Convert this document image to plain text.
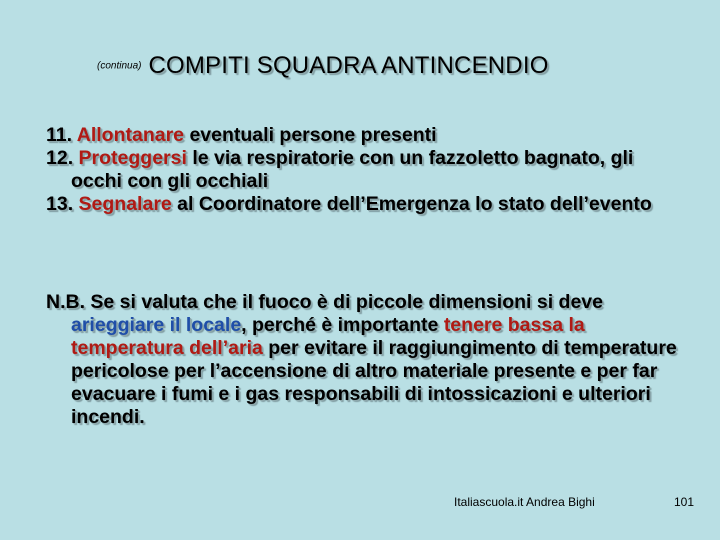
(continua) COMPITI SQUADRA ANTINCENDIO
11. Allontanare eventuali persone presenti
12. Proteggersi le via respiratorie con un fazzoletto bagnato, gli occhi con gli occhiali
13. Segnalare al Coordinatore dell’Emergenza lo stato dell’evento
N.B. Se si valuta che il fuoco è di piccole dimensioni si deve arieggiare il locale, perché è importante tenere bassa la temperatura dell’aria per evitare il raggiungimento di temperature pericolose per l’accensione di altro materiale presente e per far evacuare i fumi e i gas responsabili di intossicazioni e ulteriori incendi.
Italiascuola.it Andrea Bighi	101
